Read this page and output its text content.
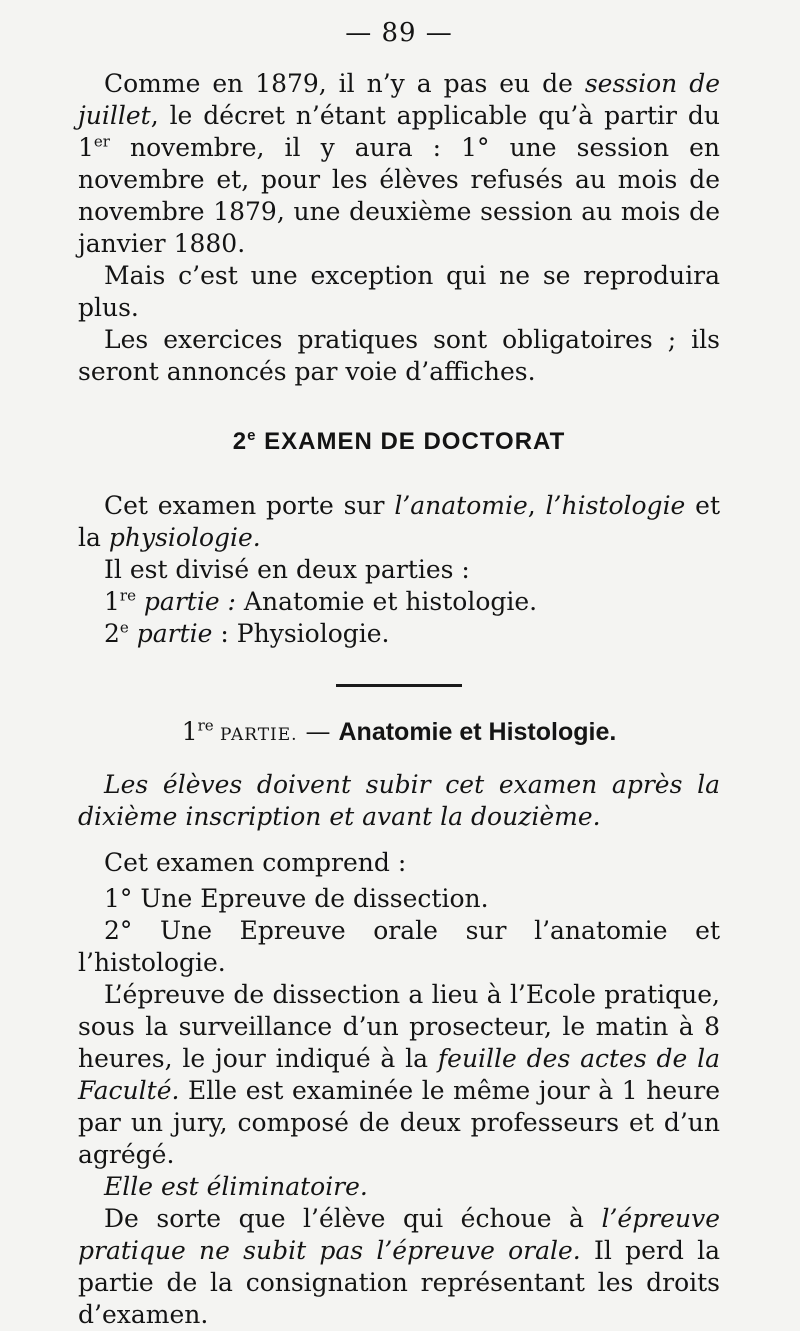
— 89 —

Comme en 1879, il n’y a pas eu de session de juillet, le décret n’étant applicable qu’à partir du 1er novembre, il y aura : 1° une session en novembre et, pour les élèves refusés au mois de novembre 1879, une deuxième session au mois de janvier 1880.

Mais c’est une exception qui ne se reproduira plus.

Les exercices pratiques sont obligatoires ; ils seront annoncés par voie d’affiches.

2e EXAMEN DE DOCTORAT

Cet examen porte sur l’anatomie, l’histologie et la physiologie.

Il est divisé en deux parties :

1re partie : Anatomie et histologie.

2e partie : Physiologie.

1re PARTIE. — Anatomie et Histologie.

Les élèves doivent subir cet examen après la dixième inscription et avant la douzième.

Cet examen comprend :

1° Une Epreuve de dissection.

2° Une Epreuve orale sur l’anatomie et l’histologie.

L’épreuve de dissection a lieu à l’Ecole pratique, sous la surveillance d’un prosecteur, le matin à 8 heures, le jour indiqué à la feuille des actes de la Faculté. Elle est examinée le même jour à 1 heure par un jury, composé de deux professeurs et d’un agrégé.

Elle est éliminatoire.

De sorte que l’élève qui échoue à l’épreuve pratique ne subit pas l’épreuve orale. Il perd la partie de la consignation représentant les droits d’examen.
